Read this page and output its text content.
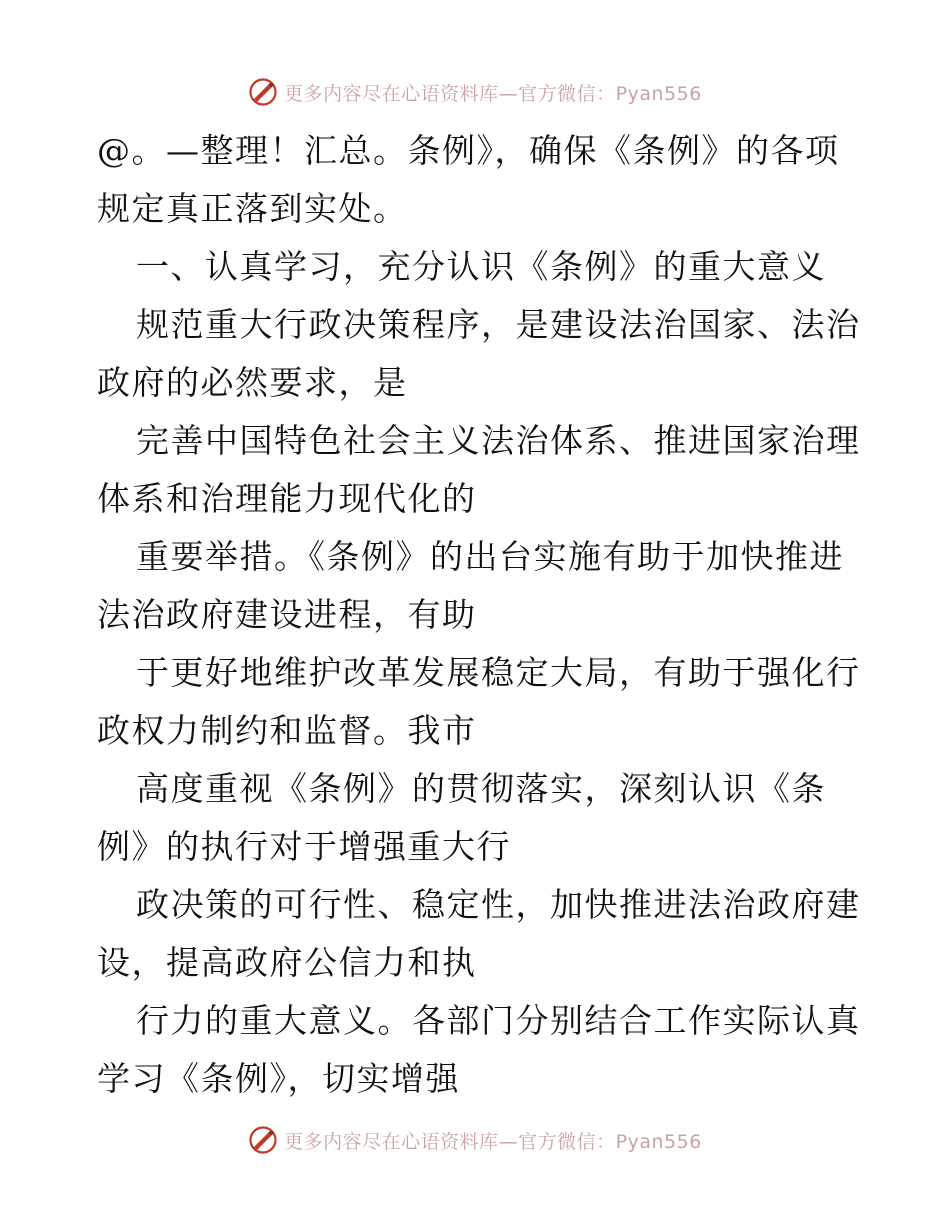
更多内容尽在心语资料库—官方微信：Pyan556
@。—整理！汇总。条例》，确保《条例》的各项
规定真正落到实处。
一、认真学习，充分认识《条例》的重大意义
规范重大行政决策程序，是建设法治国家、法治
政府的必然要求，是
完善中国特色社会主义法治体系、推进国家治理
体系和治理能力现代化的
重要举措。《条例》的出台实施有助于加快推进
法治政府建设进程，有助
于更好地维护改革发展稳定大局，有助于强化行
政权力制约和监督。我市
高度重视《条例》的贯彻落实，深刻认识《条
例》的执行对于增强重大行
政决策的可行性、稳定性，加快推进法治政府建
设，提高政府公信力和执
行力的重大意义。各部门分别结合工作实际认真
学习《条例》，切实增强
更多内容尽在心语资料库—官方微信：Pyan556
